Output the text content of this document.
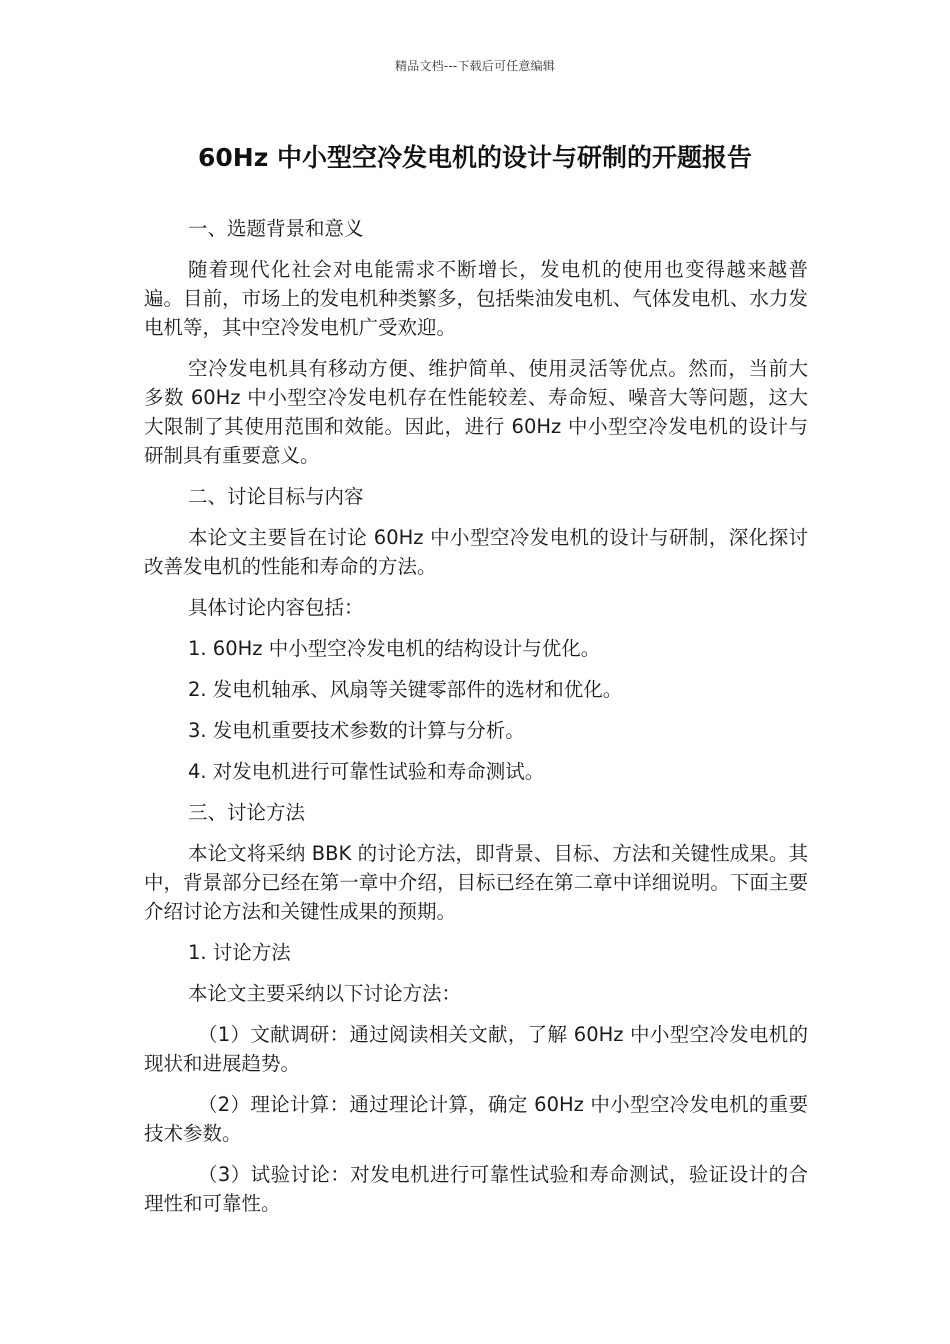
精品文档---下载后可任意编辑
60Hz 中小型空冷发电机的设计与研制的开题报告

一、选题背景和意义

随着现代化社会对电能需求不断增长，发电机的使用也变得越来越普遍。目前，市场上的发电机种类繁多，包括柴油发电机、气体发电机、水力发电机等，其中空冷发电机广受欢迎。

空冷发电机具有移动方便、维护简单、使用灵活等优点。然而，当前大多数 60Hz 中小型空冷发电机存在性能较差、寿命短、噪音大等问题，这大大限制了其使用范围和效能。因此，进行 60Hz 中小型空冷发电机的设计与研制具有重要意义。

二、讨论目标与内容

本论文主要旨在讨论 60Hz 中小型空冷发电机的设计与研制，深化探讨改善发电机的性能和寿命的方法。

具体讨论内容包括：

1. 60Hz 中小型空冷发电机的结构设计与优化。

2. 发电机轴承、风扇等关键零部件的选材和优化。

3. 发电机重要技术参数的计算与分析。

4. 对发电机进行可靠性试验和寿命测试。

三、讨论方法

本论文将采纳 BBK 的讨论方法，即背景、目标、方法和关键性成果。其中，背景部分已经在第一章中介绍，目标已经在第二章中详细说明。下面主要介绍讨论方法和关键性成果的预期。

1. 讨论方法

本论文主要采纳以下讨论方法：

（1）文献调研：通过阅读相关文献，了解 60Hz 中小型空冷发电机的现状和进展趋势。

（2）理论计算：通过理论计算，确定 60Hz 中小型空冷发电机的重要技术参数。

（3）试验讨论：对发电机进行可靠性试验和寿命测试，验证设计的合理性和可靠性。
